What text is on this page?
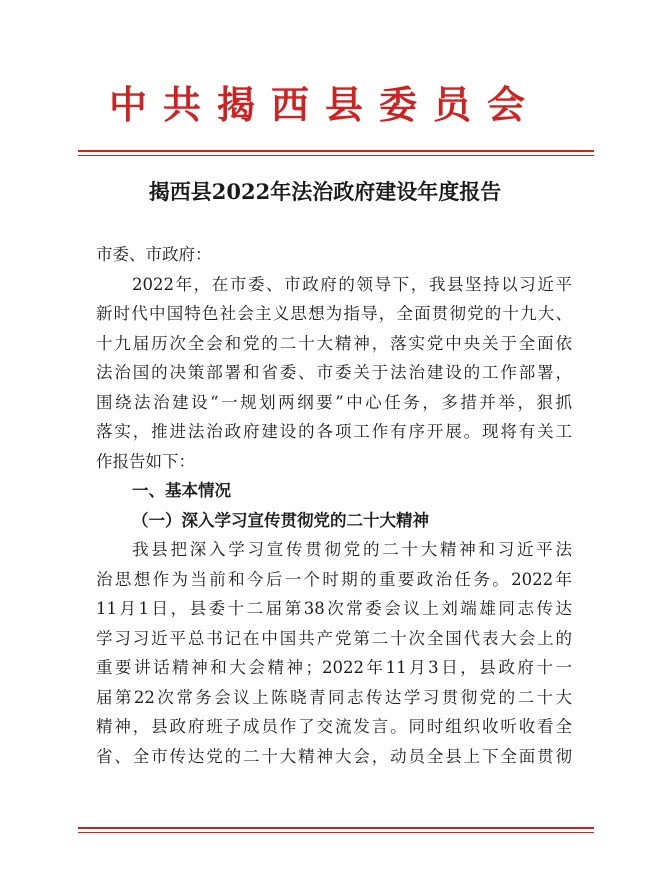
中共揭西县委员会
揭西县2022年法治政府建设年度报告
市委、市政府：
2022年，在市委、市政府的领导下，我县坚持以习近平
新时代中国特色社会主义思想为指导，全面贯彻党的十九大、
十九届历次全会和党的二十大精神，落实党中央关于全面依
法治国的决策部署和省委、市委关于法治建设的工作部署，
围绕法治建设“一规划两纲要”中心任务，多措并举，狠抓
落实，推进法治政府建设的各项工作有序开展。现将有关工
作报告如下：
一、基本情况
（一）深入学习宣传贯彻党的二十大精神
我县把深入学习宣传贯彻党的二十大精神和习近平法
治思想作为当前和今后一个时期的重要政治任务。2022年
11月1日，县委十二届第38次常委会议上刘端雄同志传达
学习习近平总书记在中国共产党第二十次全国代表大会上的
重要讲话精神和大会精神；2022年11月3日，县政府十一
届第22次常务会议上陈晓青同志传达学习贯彻党的二十大
精神，县政府班子成员作了交流发言。同时组织收听收看全
省、全市传达党的二十大精神大会，动员全县上下全面贯彻
